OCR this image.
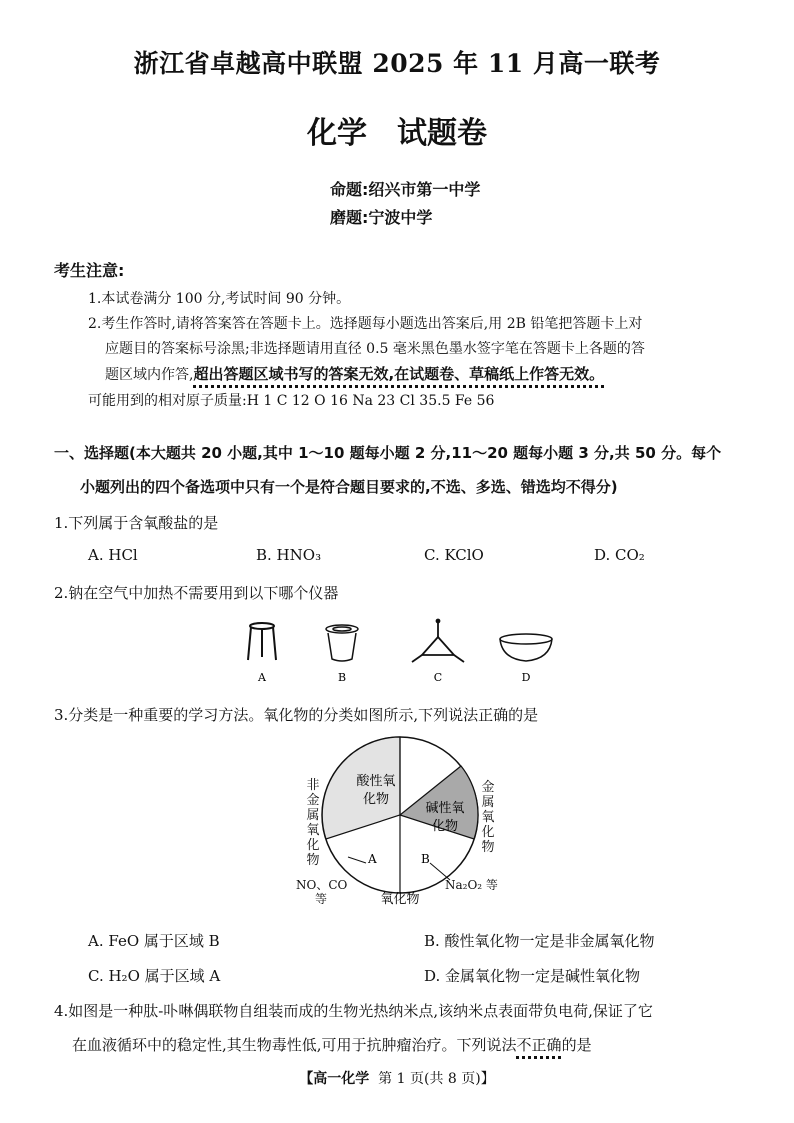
浙江省卓越高中联盟 2025 年 11 月高一联考
化学 试题卷
命题:绍兴市第一中学
磨题:宁波中学
考生注意:
1.本试卷满分 100 分,考试时间 90 分钟。
2.考生作答时,请将答案答在答题卡上。选择题每小题选出答案后,用 2B 铅笔把答题卡上对
应题目的答案标号涂黑;非选择题请用直径 0.5 毫米黑色墨水签字笔在答题卡上各题的答
题区域内作答,超出答题区域书写的答案无效,在试题卷、草稿纸上作答无效。
可能用到的相对原子质量:H 1 C 12 O 16 Na 23 Cl 35.5 Fe 56
一、选择题(本大题共 20 小题,其中 1～10 题每小题 2 分,11～20 题每小题 3 分,共 50 分。每个
小题列出的四个备选项中只有一个是符合题目要求的,不选、多选、错选均不得分)
1.下列属于含氧酸盐的是
A. HCl	B. HNO₃	C. KClO	D. CO₂
2.钠在空气中加热不需要用到以下哪个仪器
A	B	C	D
3.分类是一种重要的学习方法。氧化物的分类如图所示,下列说法正确的是
酸性氧
化物
碱性氧
化物
A	B
氧化物
非金属氧化物
金属氧化物
NO、CO
等
Na₂O₂ 等
A. FeO 属于区域 B	B. 酸性氧化物一定是非金属氧化物
C. H₂O 属于区域 A	D. 金属氧化物一定是碱性氧化物
4.如图是一种肽-卟啉偶联物自组装而成的生物光热纳米点,该纳米点表面带负电荷,保证了它
在血液循环中的稳定性,其生物毒性低,可用于抗肿瘤治疗。下列说法不正确的是
【高一化学 第 1 页(共 8 页)】
